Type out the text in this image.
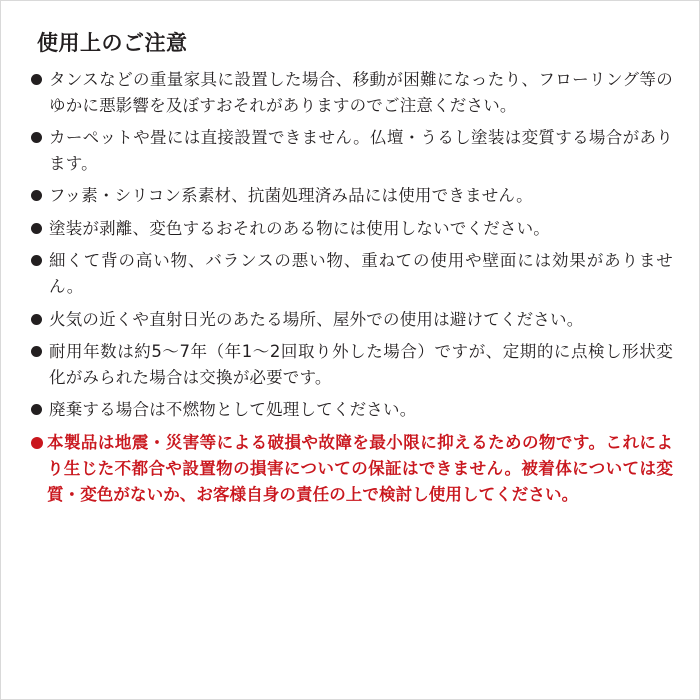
使用上のご注意
タンスなどの重量家具に設置した場合、移動が困難になったり、フローリング等のゆかに悪影響を及ぼすおそれがありますのでご注意ください。
カーペットや畳には直接設置できません。仏壇・うるし塗装は変質する場合があります。
フッ素・シリコン系素材、抗菌処理済み品には使用できません。
塗装が剥離、変色するおそれのある物には使用しないでください。
細くて背の高い物、バランスの悪い物、重ねての使用や壁面には効果がありません。
火気の近くや直射日光のあたる場所、屋外での使用は避けてください。
耐用年数は約5〜7年（年1〜2回取り外した場合）ですが、定期的に点検し形状変化がみられた場合は交換が必要です。
廃棄する場合は不燃物として処理してください。
本製品は地震・災害等による破損や故障を最小限に抑えるための物です。これにより生じた不都合や設置物の損害についての保証はできません。被着体については変質・変色がないか、お客様自身の責任の上で検討し使用してください。
